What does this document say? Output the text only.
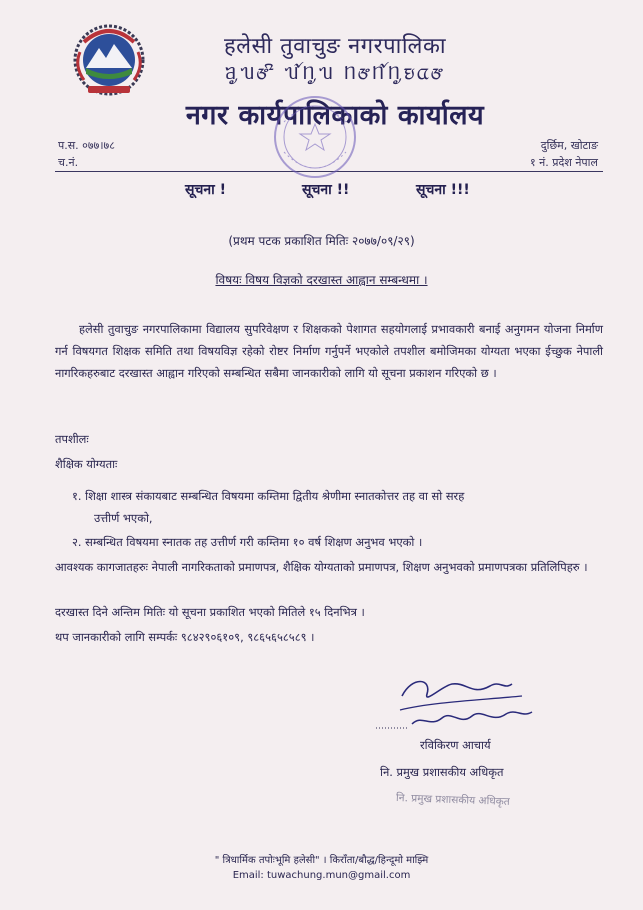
हलेसी तुवाचुङ नगरपालिका
ᥑᤢᥔᤅᤡ ᥔᤨᥒᤢᥔ ᥒᤅᥒᤨᥒᤢᤎᤂᤅ
नगर कार्यपालिकाको कार्यालय
प.स. ०७७।७८
च.नं.
दुर्छिम, खोटाङ
१ नं. प्रदेश नेपाल
सूचना !	सूचना !!	सूचना !!!
(प्रथम पटक प्रकाशित मितिः २०७७/०९/२९)
विषयः विषय विज्ञको दरखास्त आह्वान सम्बन्धमा ।
हलेसी तुवाचुङ नगरपालिकामा विद्यालय सुपरिवेक्षण र शिक्षकको पेशागत सहयोगलाई प्रभावकारी बनाई अनुगमन योजना निर्माण गर्न विषयगत शिक्षक समिति तथा विषयविज्ञ रहेको रोष्टर निर्माण गर्नुपर्ने भएकोले तपशील बमोजिमका योग्यता भएका ईच्छुक नेपाली नागरिकहरुबाट दरखास्त आह्वान गरिएको सम्बन्धित सबैमा जानकारीको लागि यो सूचना प्रकाशन गरिएको छ ।
तपशीलः
शैक्षिक योग्यताः
१. शिक्षा शास्त्र संकायबाट सम्बन्धित विषयमा कम्तिमा द्वितीय श्रेणीमा स्नातकोत्तर तह वा सो सरह
उत्तीर्ण भएको,
२. सम्बन्धित विषयमा स्नातक तह उत्तीर्ण गरी कम्तिमा १० वर्ष शिक्षण अनुभव भएको ।
आवश्यक कागजातहरुः नेपाली नागरिकताको प्रमाणपत्र, शैक्षिक योग्यताको प्रमाणपत्र, शिक्षण अनुभवको प्रमाणपत्रका प्रतिलिपिहरु ।
दरखास्त दिने अन्तिम मितिः यो सूचना प्रकाशित भएको मितिले १५ दिनभित्र ।
थप जानकारीको लागि सम्पर्कः ९८४२९०६१०९, ९८६५६५८५८९ ।
रविकिरण आचार्य
नि. प्रमुख प्रशासकीय अधिकृत
नि. प्रमुख प्रशासकीय अधिकृत
" त्रिधार्मिक तपोःभूमि हलेसी" । किराँता/बौद्ध/हिन्दूमो माझ्मि
Email: tuwachung.mun@gmail.com
